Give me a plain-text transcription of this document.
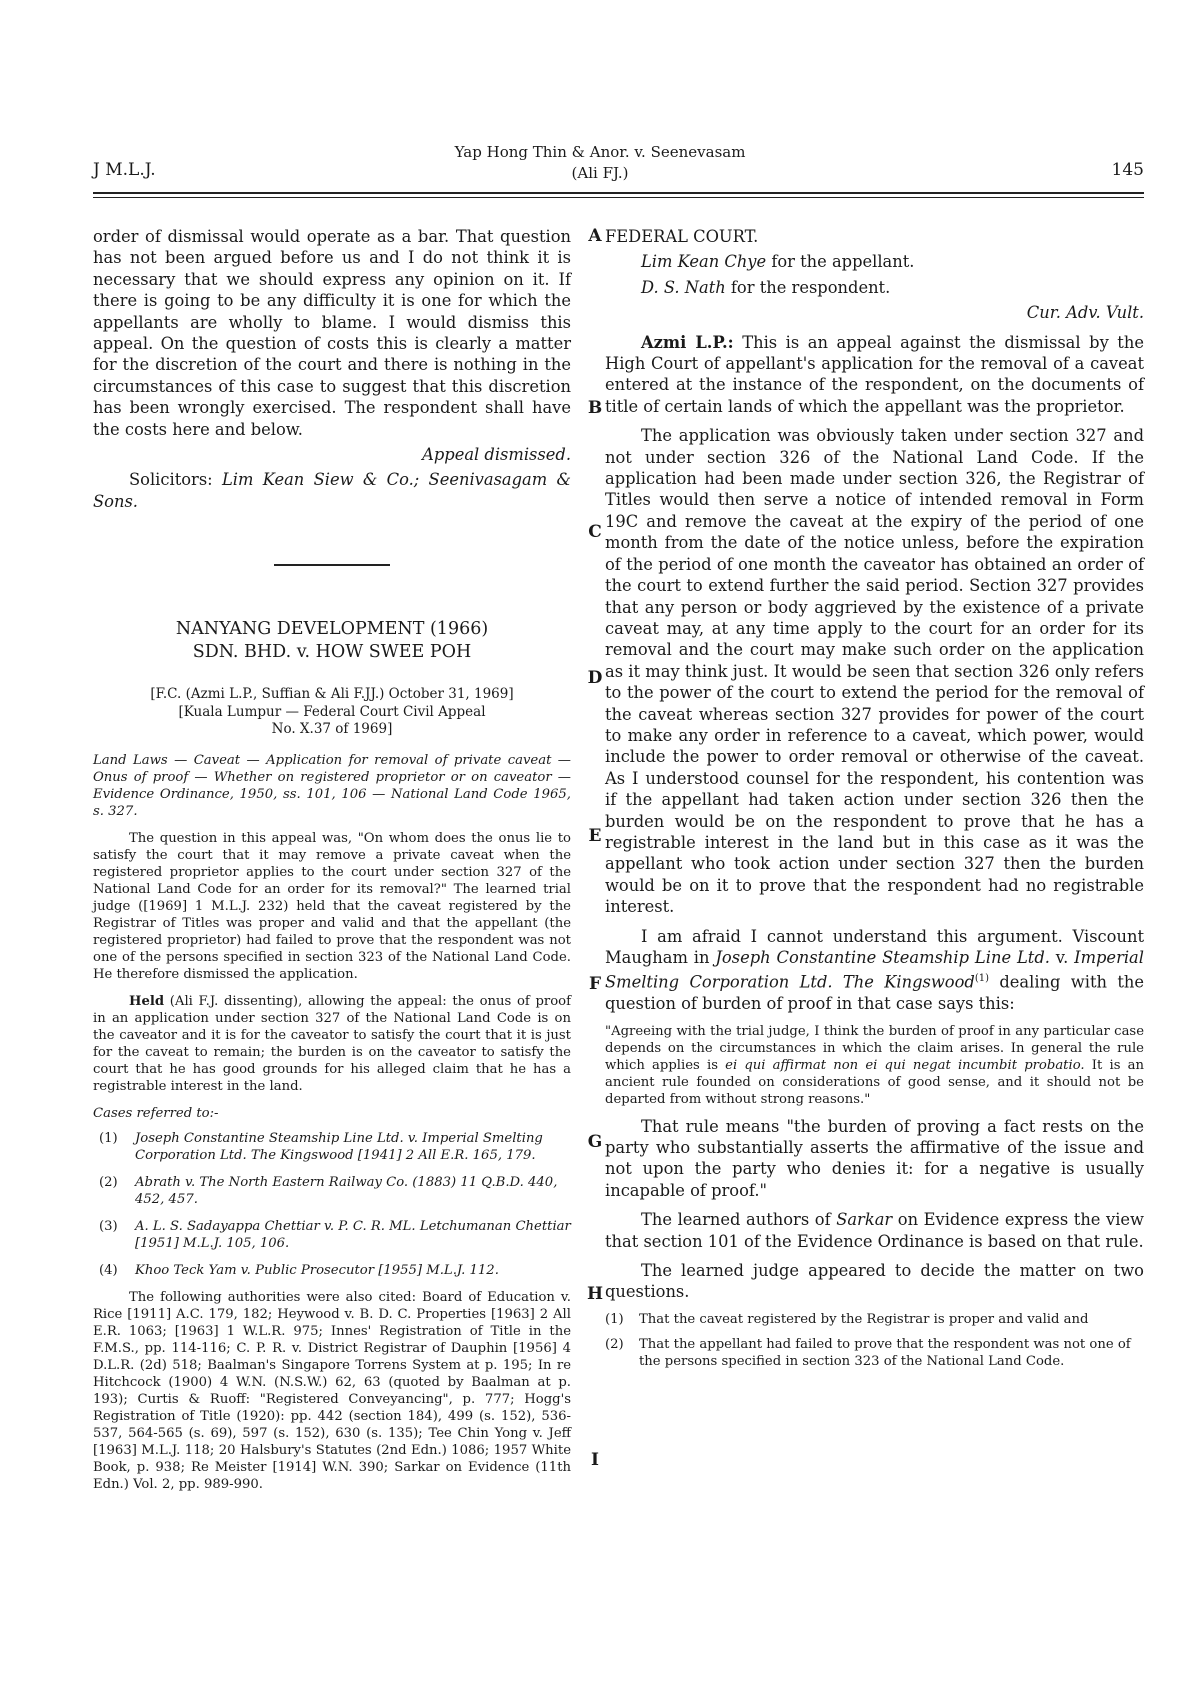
J M.L.J.
Yap Hong Thin & Anor. v. Seenevasam
(Ali FJ.)	145

order of dismissal would operate as a bar. That question has not been argued before us and I do not think it is necessary that we should express any opinion on it. If there is going to be any difficulty it is one for which the appellants are wholly to blame. I would dismiss this appeal. On the question of costs this is clearly a matter for the discretion of the court and there is nothing in the circumstances of this case to suggest that this discretion has been wrongly exercised. The respondent shall have the costs here and below.

Appeal dismissed.

Solicitors: Lim Kean Siew & Co.; Seenivasagam & Sons.

NANYANG DEVELOPMENT (1966)
SDN. BHD. v. HOW SWEE POH

[F.C. (Azmi L.P., Suffian & Ali F.JJ.) October 31, 1969]

[Kuala Lumpur — Federal Court Civil Appeal
No. X.37 of 1969]

Land Laws — Caveat — Application for removal of private caveat — Onus of proof — Whether on registered proprietor or on caveator — Evidence Ordinance, 1950, ss. 101, 106 — National Land Code 1965, s. 327.

The question in this appeal was, "On whom does the onus lie to satisfy the court that it may remove a private caveat when the registered proprietor applies to the court under section 327 of the National Land Code for an order for its removal?" The learned trial judge ([1969] 1 M.L.J. 232) held that the caveat registered by the Registrar of Titles was proper and valid and that the appellant (the registered proprietor) had failed to prove that the respondent was not one of the persons specified in section 323 of the National Land Code. He therefore dismissed the application.

Held (Ali F.J. dissenting), allowing the appeal: the onus of proof in an application under section 327 of the National Land Code is on the caveator and it is for the caveator to satisfy the court that it is just for the caveat to remain; the burden is on the caveator to satisfy the court that he has good grounds for his alleged claim that he has a registrable interest in the land.

Cases referred to:-

(1) Joseph Constantine Steamship Line Ltd. v. Imperial Smelting Corporation Ltd. The Kingswood [1941] 2 All E.R. 165, 179.
(2) Abrath v. The North Eastern Railway Co. (1883) 11 Q.B.D. 440, 452, 457.
(3) A. L. S. Sadayappa Chettiar v. P. C. R. ML. Letchumanan Chettiar [1951] M.L.J. 105, 106.
(4) Khoo Teck Yam v. Public Prosecutor [1955] M.L.J. 112.

The following authorities were also cited: Board of Education v. Rice [1911] A.C. 179, 182; Heywood v. B. D. C. Properties [1963] 2 All E.R. 1063; [1963] 1 W.L.R. 975; Innes' Registration of Title in the F.M.S., pp. 114-116; C. P. R. v. District Registrar of Dauphin [1956] 4 D.L.R. (2d) 518; Baalman's Singapore Torrens System at p. 195; In re Hitchcock (1900) 4 W.N. (N.S.W.) 62, 63 (quoted by Baalman at p. 193); Curtis & Ruoff: "Registered Conveyancing", p. 777; Hogg's Registration of Title (1920): pp. 442 (section 184), 499 (s. 152), 536-537, 564-565 (s. 69), 597 (s. 152), 630 (s. 135); Tee Chin Yong v. Jeff [1963] M.L.J. 118; 20 Halsbury's Statutes (2nd Edn.) 1086; 1957 White Book, p. 938; Re Meister [1914] W.N. 390; Sarkar on Evidence (11th Edn.) Vol. 2, pp. 989-990.

A
B
C
D
E
F
G
H
I

FEDERAL COURT.

Lim Kean Chye for the appellant.

D. S. Nath for the respondent.

Cur. Adv. Vult.

Azmi L.P.: This is an appeal against the dismissal by the High Court of appellant's application for the removal of a caveat entered at the instance of the respondent, on the documents of title of certain lands of which the appellant was the proprietor.

The application was obviously taken under section 327 and not under section 326 of the National Land Code. If the application had been made under section 326, the Registrar of Titles would then serve a notice of intended removal in Form 19C and remove the caveat at the expiry of the period of one month from the date of the notice unless, before the expiration of the period of one month the caveator has obtained an order of the court to extend further the said period. Section 327 provides that any person or body aggrieved by the existence of a private caveat may, at any time apply to the court for an order for its removal and the court may make such order on the application as it may think just. It would be seen that section 326 only refers to the power of the court to extend the period for the removal of the caveat whereas section 327 provides for power of the court to make any order in reference to a caveat, which power, would include the power to order removal or otherwise of the caveat. As I understood counsel for the respondent, his contention was if the appellant had taken action under section 326 then the burden would be on the respondent to prove that he has a registrable interest in the land but in this case as it was the appellant who took action under section 327 then the burden would be on it to prove that the respondent had no registrable interest.

I am afraid I cannot understand this argument. Viscount Maugham in Joseph Constantine Steamship Line Ltd. v. Imperial Smelting Corporation Ltd. The Kingswood$^{(1)}$ dealing with the question of burden of proof in that case says this:

"Agreeing with the trial judge, I think the burden of proof in any particular case depends on the circumstances in which the claim arises. In general the rule which applies is ei qui affirmat non ei qui negat incumbit probatio. It is an ancient rule founded on considerations of good sense, and it should not be departed from without strong reasons."

That rule means "the burden of proving a fact rests on the party who substantially asserts the affirmative of the issue and not upon the party who denies it: for a negative is usually incapable of proof."

The learned authors of Sarkar on Evidence express the view that section 101 of the Evidence Ordinance is based on that rule.

The learned judge appeared to decide the matter on two questions.

(1) That the caveat registered by the Registrar is proper and valid and
(2) That the appellant had failed to prove that the respondent was not one of the persons specified in section 323 of the National Land Code.
